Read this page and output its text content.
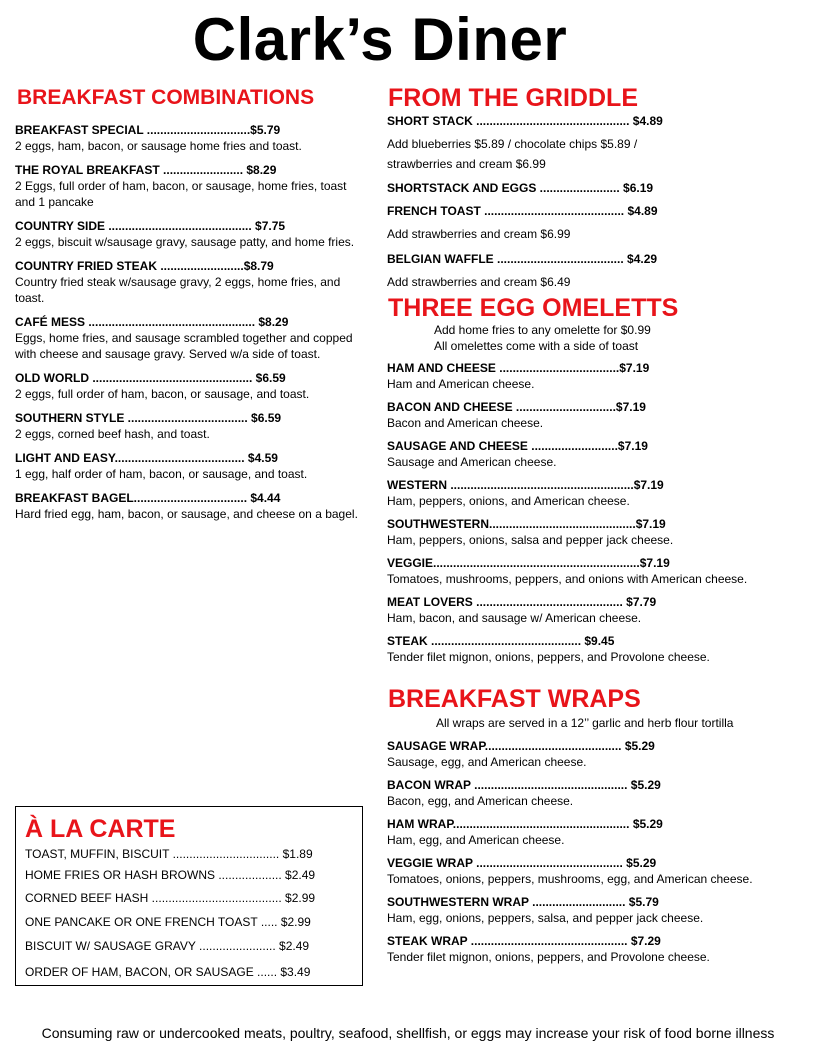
Clark’s Diner
BREAKFAST COMBINATIONS
BREAKFAST SPECIAL ...............................$5.79
2 eggs, ham, bacon, or sausage home fries and toast.
THE ROYAL BREAKFAST ........................ $8.29
2 Eggs, full order of ham, bacon, or sausage, home fries, toast and 1 pancake
COUNTRY SIDE ........................................... $7.75
2 eggs, biscuit w/sausage gravy, sausage patty, and home fries.
COUNTRY FRIED STEAK .........................$8.79
Country fried steak w/sausage gravy, 2 eggs, home fries, and toast.
CAFÉ MESS .................................................. $8.29
Eggs, home fries, and sausage scrambled together and copped with cheese and sausage gravy. Served w/a side of toast.
OLD WORLD ................................................ $6.59
2 eggs, full order of ham, bacon, or sausage, and toast.
SOUTHERN STYLE .................................... $6.59
2 eggs, corned beef hash, and toast.
LIGHT AND EASY....................................... $4.59
1 egg, half order of ham, bacon, or sausage, and toast.
BREAKFAST BAGEL.................................. $4.44
Hard fried egg, ham, bacon, or sausage, and cheese on a bagel.
FROM THE GRIDDLE
SHORT STACK .............................................. $4.89
Add blueberries $5.89 / chocolate chips $5.89 /
strawberries and cream $6.99
SHORTSTACK AND EGGS ........................ $6.19
FRENCH TOAST .......................................... $4.89
Add strawberries and cream $6.99
BELGIAN WAFFLE ...................................... $4.29
Add strawberries and cream $6.49
THREE EGG OMELETTS
Add home fries to any omelette for $0.99
All omelettes come with a side of toast
HAM AND CHEESE ....................................$7.19
Ham and American cheese.
BACON AND CHEESE ..............................$7.19
Bacon and American cheese.
SAUSAGE AND CHEESE ..........................$7.19
Sausage and American cheese.
WESTERN .......................................................$7.19
Ham, peppers, onions, and American cheese.
SOUTHWESTERN............................................$7.19
Ham, peppers, onions, salsa and pepper jack cheese.
VEGGIE..............................................................$7.19
Tomatoes, mushrooms, peppers, and onions with American cheese.
MEAT LOVERS ............................................ $7.79
Ham, bacon, and sausage w/ American cheese.
STEAK ............................................. $9.45
Tender filet mignon, onions, peppers, and Provolone cheese.
BREAKFAST WRAPS
All wraps are served in a 12’’ garlic and herb flour tortilla
SAUSAGE WRAP......................................... $5.29
Sausage, egg, and American cheese.
BACON WRAP .............................................. $5.29
Bacon, egg, and American cheese.
HAM WRAP..................................................... $5.29
Ham, egg, and American cheese.
VEGGIE WRAP ............................................ $5.29
Tomatoes, onions, peppers, mushrooms, egg, and American cheese.
SOUTHWESTERN WRAP ............................ $5.79
Ham, egg, onions, peppers, salsa, and pepper jack cheese.
STEAK WRAP ............................................... $7.29
Tender filet mignon, onions, peppers, and Provolone cheese.
À LA CARTE
TOAST, MUFFIN, BISCUIT ................................ $1.89
HOME FRIES OR HASH BROWNS ................... $2.49
CORNED BEEF HASH ....................................... $2.99
ONE PANCAKE OR ONE FRENCH TOAST ..... $2.99
BISCUIT W/ SAUSAGE GRAVY ....................... $2.49
ORDER OF HAM, BACON, OR SAUSAGE ...... $3.49
Consuming raw or undercooked meats, poultry, seafood, shellfish, or eggs may increase your risk of food borne illness
